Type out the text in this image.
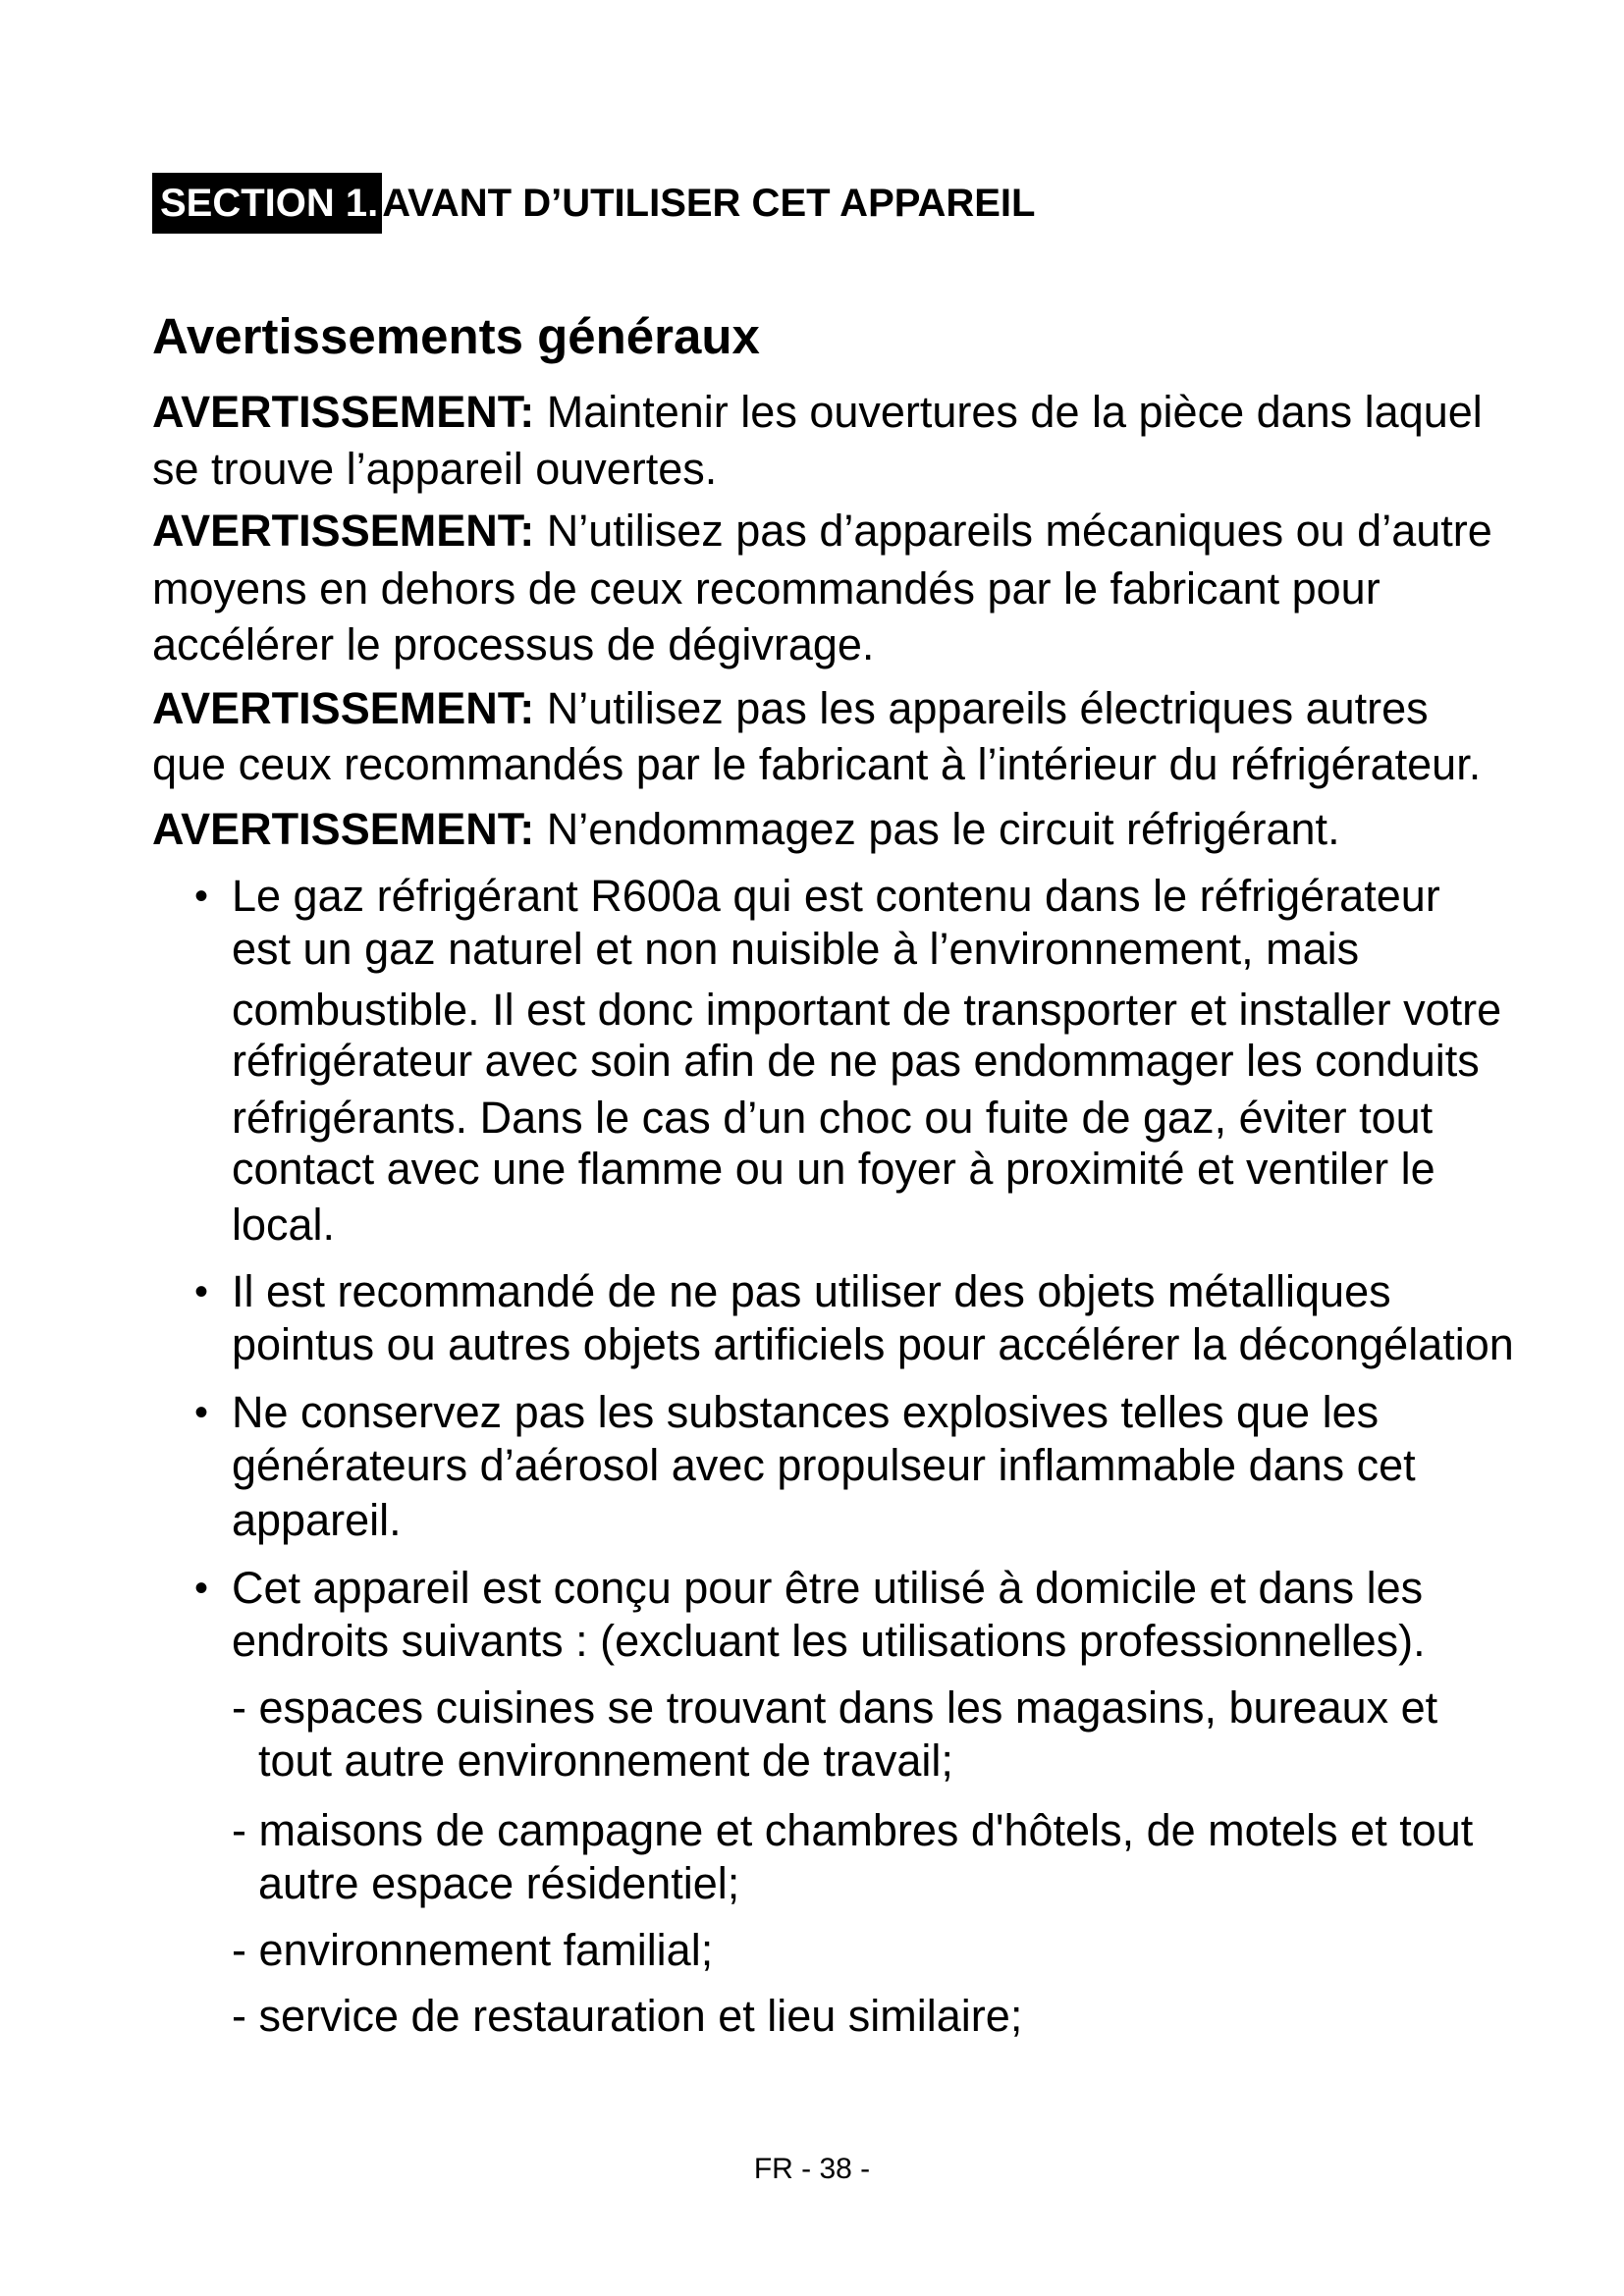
SECTION 1. AVANT D’UTILISER CET APPAREIL
Avertissements généraux
AVERTISSEMENT: Maintenir les ouvertures de la pièce dans laquel
se trouve l’appareil ouvertes.
AVERTISSEMENT: N’utilisez pas d’appareils mécaniques ou d’autre
moyens en dehors de ceux recommandés par le fabricant pour
accélérer le processus de dégivrage.
AVERTISSEMENT: N’utilisez pas les appareils électriques autres
que ceux recommandés par le fabricant à l’intérieur du réfrigérateur.
AVERTISSEMENT: N’endommagez pas le circuit réfrigérant.
• Le gaz réfrigérant R600a qui est contenu dans le réfrigérateur
est un gaz naturel et non nuisible à l’environnement, mais
combustible. Il est donc important de transporter et installer votre
réfrigérateur avec soin afin de ne pas endommager les conduits
réfrigérants. Dans le cas d’un choc ou fuite de gaz, éviter tout
contact avec une flamme ou un foyer à proximité et ventiler le
local.
• Il est recommandé de ne pas utiliser des objets métalliques
pointus ou autres objets artificiels pour accélérer la décongélation
• Ne conservez pas les substances explosives telles que les
générateurs d’aérosol avec propulseur inflammable dans cet
appareil.
• Cet appareil est conçu pour être utilisé à domicile et dans les
endroits suivants : (excluant les utilisations professionnelles).
- espaces cuisines se trouvant dans les magasins, bureaux et
tout autre environnement de travail;
- maisons de campagne et chambres d'hôtels, de motels et tout
autre espace résidentiel;
- environnement familial;
- service de restauration et lieu similaire;
FR - 38 -
